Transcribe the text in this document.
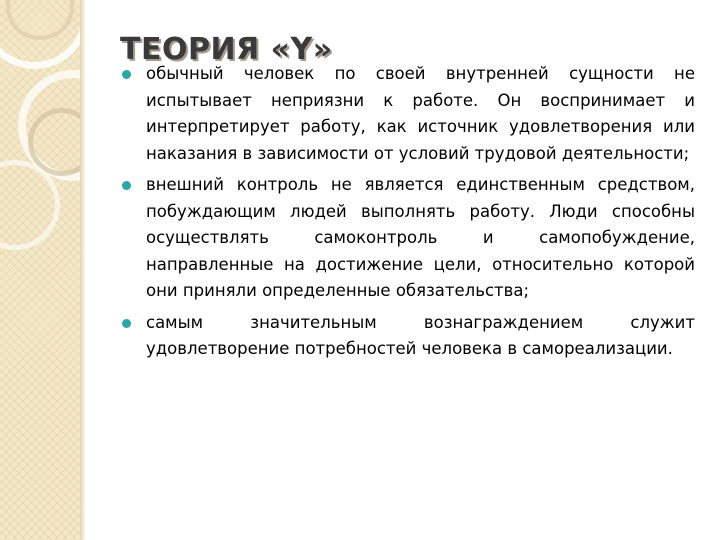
ТЕОРИЯ «Y»
обычный человек по своей внутренней сущности не испытывает неприязни к работе. Он воспринимает и интерпретирует работу, как источник удовлетворения или наказания в зависимости от условий трудовой деятельности;
внешний контроль не является единственным средством, побуждающим людей выполнять работу. Люди способны осуществлять самоконтроль и самопобуждение, направленные на достижение цели, относительно которой они приняли определенные обязательства;
самым значительным вознаграждением служит удовлетворение потребностей человека в самореализации.
